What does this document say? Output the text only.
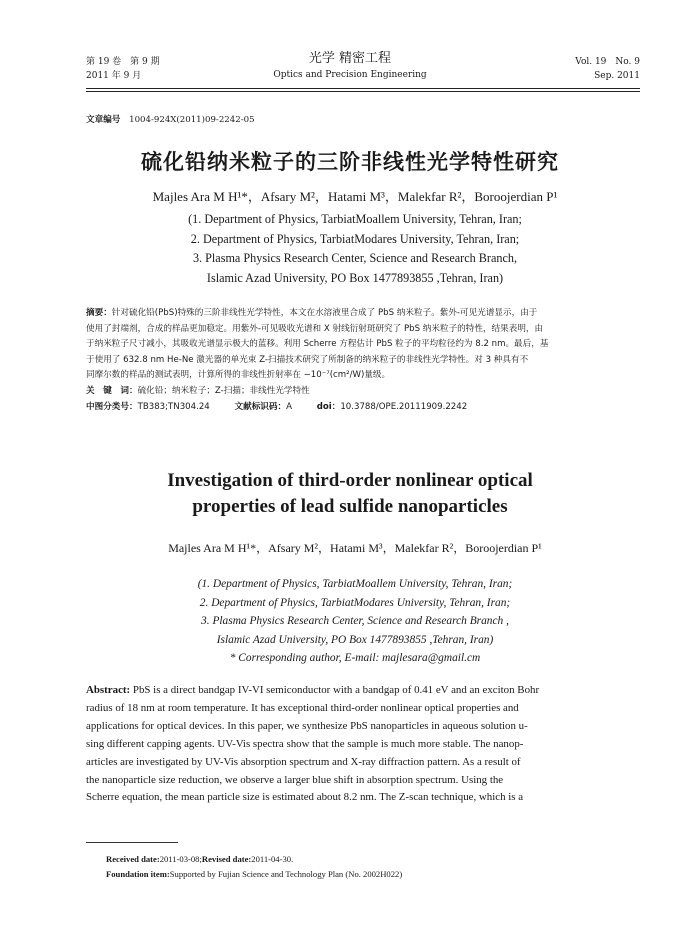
第 19 卷　第 9 期
2011 年 9 月
光学 精密工程
Optics and Precision Engineering
Vol. 19　No. 9
Sep. 2011
文章编号 1004-924X(2011)09-2242-05
硫化铅纳米粒子的三阶非线性光学特性研究
Majles Ara M H¹*，Afsary M²，Hatami M³，Malekfar R²，Boroojerdian P¹
(1. Department of Physics, TarbiatMoallem University, Tehran, Iran;
2. Department of Physics, TarbiatModares University, Tehran, Iran;
3. Plasma Physics Research Center, Science and Research Branch,
Islamic Azad University, PO Box 1477893855 ,Tehran, Iran)
摘要：针对硫化铅(PbS)特殊的三阶非线性光学特性，本文在水溶液里合成了 PbS 纳米粒子。紫外-可见光谱显示，由于
使用了封端剂，合成的样品更加稳定。用紫外-可见吸收光谱和 X 射线衍射斑研究了 PbS 纳米粒子的特性，结果表明，由
于纳米粒子尺寸减小，其吸收光谱显示极大的蓝移。利用 Scherre 方程估计 PbS 粒子的平均粒径约为 8.2 nm。最后，基
于使用了 632.8 nm He-Ne 激光器的单光束 Z-扫描技术研究了所制备的纳米粒子的非线性光学特性。对 3 种具有不
同摩尔数的样品的测试表明，计算所得的非线性折射率在 −10⁻⁷(cm²/W)量级。
关　键　词：硫化铅；纳米粒子；Z-扫描；非线性光学特性
中图分类号：TB383;TN304.24	文献标识码：A	doi：10.3788/OPE.20111909.2242
Investigation of third-order nonlinear optical
properties of lead sulfide nanoparticles
Majles Ara M H¹*，Afsary M²，Hatami M³，Malekfar R²，Boroojerdian P¹
(1. Department of Physics, TarbiatMoallem University, Tehran, Iran;
2. Department of Physics, TarbiatModares University, Tehran, Iran;
3. Plasma Physics Research Center, Science and Research Branch ,
Islamic Azad University, PO Box 1477893855 ,Tehran, Iran)
* Corresponding author, E-mail: majlesara@gmail.cm
Abstract: PbS is a direct bandgap IV-VI semiconductor with a bandgap of 0.41 eV and an exciton Bohr
radius of 18 nm at room temperature. It has exceptional third-order nonlinear optical properties and
applications for optical devices. In this paper, we synthesize PbS nanoparticles in aqueous solution u-
sing different capping agents. UV-Vis spectra show that the sample is much more stable. The nanop-
articles are investigated by UV-Vis absorption spectrum and X-ray diffraction pattern. As a result of
the nanoparticle size reduction, we observe a larger blue shift in absorption spectrum. Using the
Scherre equation, the mean particle size is estimated about 8.2 nm. The Z-scan technique, which is a
Received date:2011-03-08;Revised date:2011-04-30.
Foundation item:Supported by Fujian Science and Technology Plan (No. 2002H022)
